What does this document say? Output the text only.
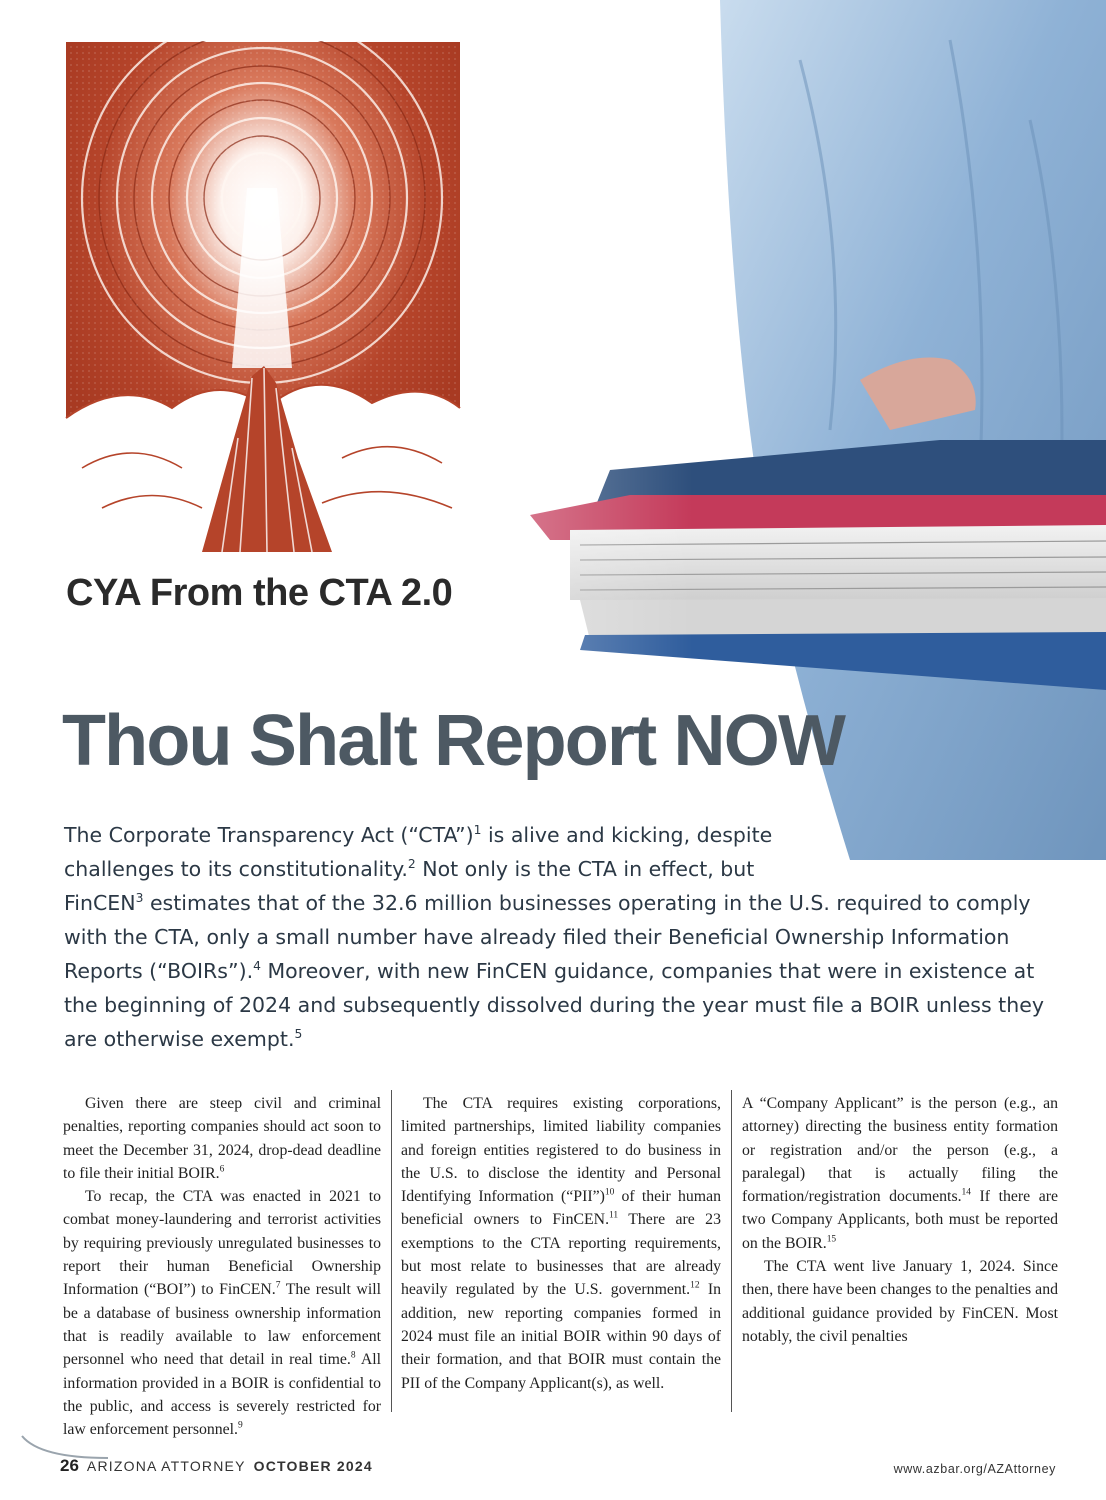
CYA From the CTA 2.0
Thou Shalt Report NOW
The Corporate Transparency Act (“CTA”)$^1$ is alive and kicking, despite
challenges to its constitutionality.$^2$ Not only is the CTA in effect, but
FinCEN$^3$ estimates that of the 32.6 million businesses operating in the U.S. required to comply
with the CTA, only a small number have already filed their Beneficial Ownership Information
Reports (“BOIRs”).$^4$ Moreover, with new FinCEN guidance, companies that were in existence at
the beginning of 2024 and subsequently dissolved during the year must file a BOIR unless they
are otherwise exempt.$^5$

Given there are steep civil and criminal penalties, reporting companies should act soon to meet the December 31, 2024, drop-dead deadline to file their initial BOIR.$^6$

To recap, the CTA was enacted in 2021 to combat money-laundering and terrorist activities by requiring previously unregulated businesses to report their human Beneficial Ownership Information (“BOI”) to FinCEN.$^7$ The result will be a database of business ownership information that is readily available to law enforcement personnel who need that detail in real time.$^8$ All information provided in a BOIR is confidential to the public, and access is severely restricted for law enforcement personnel.$^9$

The CTA requires existing corporations, limited partnerships, limited liability companies and foreign entities registered to do business in the U.S. to disclose the identity and Personal Identifying Information (“PII”)$^{10}$ of their human beneficial owners to FinCEN.$^{11}$ There are 23 exemptions to the CTA reporting requirements, but most relate to businesses that are already heavily regulated by the U.S. government.$^{12}$ In addition, new reporting companies formed in 2024 must file an initial BOIR within 90 days of their formation, and that BOIR must contain the PII of the Company Applicant(s), as well.

A “Company Applicant” is the person (e.g., an attorney) directing the business entity formation or registration and/or the person (e.g., a paralegal) that is actually filing the formation/registration documents.$^{14}$ If there are two Company Applicants, both must be reported on the BOIR.$^{15}$

The CTA went live January 1, 2024. Since then, there have been changes to the penalties and additional guidance provided by FinCEN. Most notably, the civil penalties

26 ARIZONA ATTORNEY OCTOBER 2024	www.azbar.org/AZAttorney
